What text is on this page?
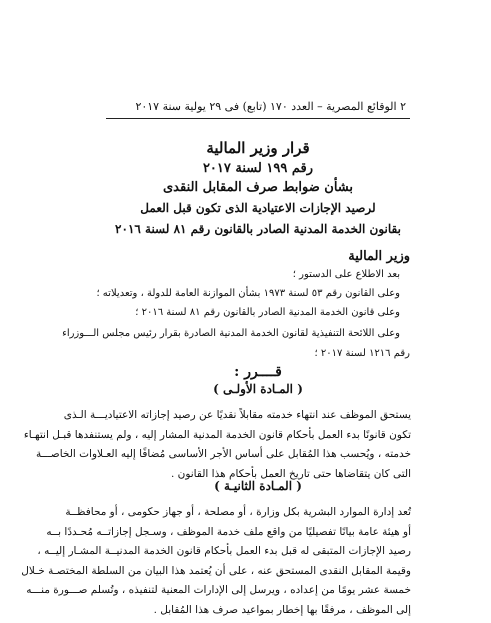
٢ الوقائع المصرية – العدد ١٧٠ (تابع) فى ٢٩ يولية سنة ٢٠١٧
قرار وزير المالية
رقم ١٩٩ لسنة ٢٠١٧
بشأن ضوابط صرف المقابل النقدى
لرصيد الإجازات الاعتيادية الذى تكون قبل العمل
بقانون الخدمة المدنية الصادر بالقانون رقم ٨١ لسنة ٢٠١٦
وزير المالية
بعد الاطلاع على الدستور ؛
وعلى القانون رقم ٥٣ لسنة ١٩٧٣ بشأن الموازنة العامة للدولة ، وتعديلاته ؛
وعلى قانون الخدمة المدنية الصادر بالقانون رقم ٨١ لسنة ٢٠١٦ ؛
وعلى اللائحة التنفيذية لقانون الخدمة المدنية الصادرة بقرار رئيس مجلس الـــوزراء
رقم ١٢١٦ لسنة ٢٠١٧ ؛
قــــرر :
( المـادة الأولـى )
يستحق الموظف عند انتهاء خدمته مقابلاً نقديًا عن رصيد إجازاته الاعتياديـــة الـذى
تكون قانونًا بدء العمل بأحكام قانون الخدمة المدنية المشار إليه ، ولم يستنفدها قبـل انتهـاء
خدمته ، ويُحسب هذا المُقابل على أساس الأجر الأساسى مُضافًا إليه العـلاوات الخاصـــة
التى كان يتقاضاها حتى تاريخ العمل بأحكام هذا القانون .
( المـادة الثانيـة )
تُعد إدارة الموارد البشرية بكل وزارة ، أو مصلحة ، أو جهاز حكومى ، أو محافظــة
أو هيئة عامة بيانًا تفصيليًا من واقع ملف خدمة الموظف ، وسـجل إجازاتــه مُحـددًا بــه
رصيد الإجازات المتبقى له قبل بدء العمل بأحكام قانون الخدمة المدنيــة المشـار إليــه ،
وقيمة المقابل النقدى المستحق عنه ، على أن يُعتمد هذا البيان من السلطة المختصـة خـلال
خمسة عشر يومًا من إعداده ، ويرسل إلى الإدارات المعنية لتنفيذه ، وتُسلم صـــورة منـــه
إلى الموظف ، مرفقًا بها إخطار بمواعيد صرف هذا المُقابل .
